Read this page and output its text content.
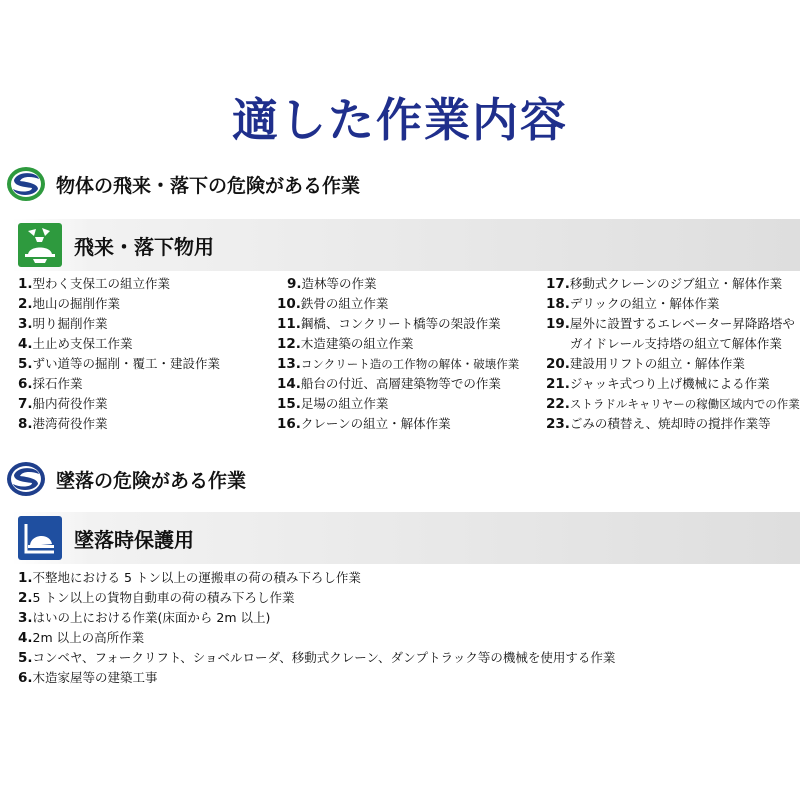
適した作業内容
物体の飛来・落下の危険がある作業
飛来・落下物用
1. 型わく支保工の組立作業
2. 地山の掘削作業
3. 明り掘削作業
4. 土止め支保工作業
5. ずい道等の掘削・覆工・建設作業
6. 採石作業
7. 船内荷役作業
8. 港湾荷役作業
9. 造林等の作業
10. 鉄骨の組立作業
11. 鋼橋、コンクリート橋等の架設作業
12. 木造建築の組立作業
13. コンクリート造の工作物の解体・破壊作業
14. 船台の付近、高層建築物等での作業
15. 足場の組立作業
16. クレーンの組立・解体作業
17. 移動式クレーンのジブ組立・解体作業
18. デリックの組立・解体作業
19. 屋外に設置するエレベーター昇降路塔や
ガイドレール支持塔の組立て解体作業
20. 建設用リフトの組立・解体作業
21. ジャッキ式つり上げ機械による作業
22. ストラドルキャリヤーの稼働区域内での作業
23. ごみの積替え、焼却時の撹拌作業等
墜落の危険がある作業
墜落時保護用
1. 不整地における 5 トン以上の運搬車の荷の積み下ろし作業
2. 5 トン以上の貨物自動車の荷の積み下ろし作業
3. はいの上における作業(床面から 2m 以上)
4. 2m 以上の高所作業
5. コンベヤ、フォークリフト、ショベルローダ、移動式クレーン、ダンプトラック等の機械を使用する作業
6. 木造家屋等の建築工事
